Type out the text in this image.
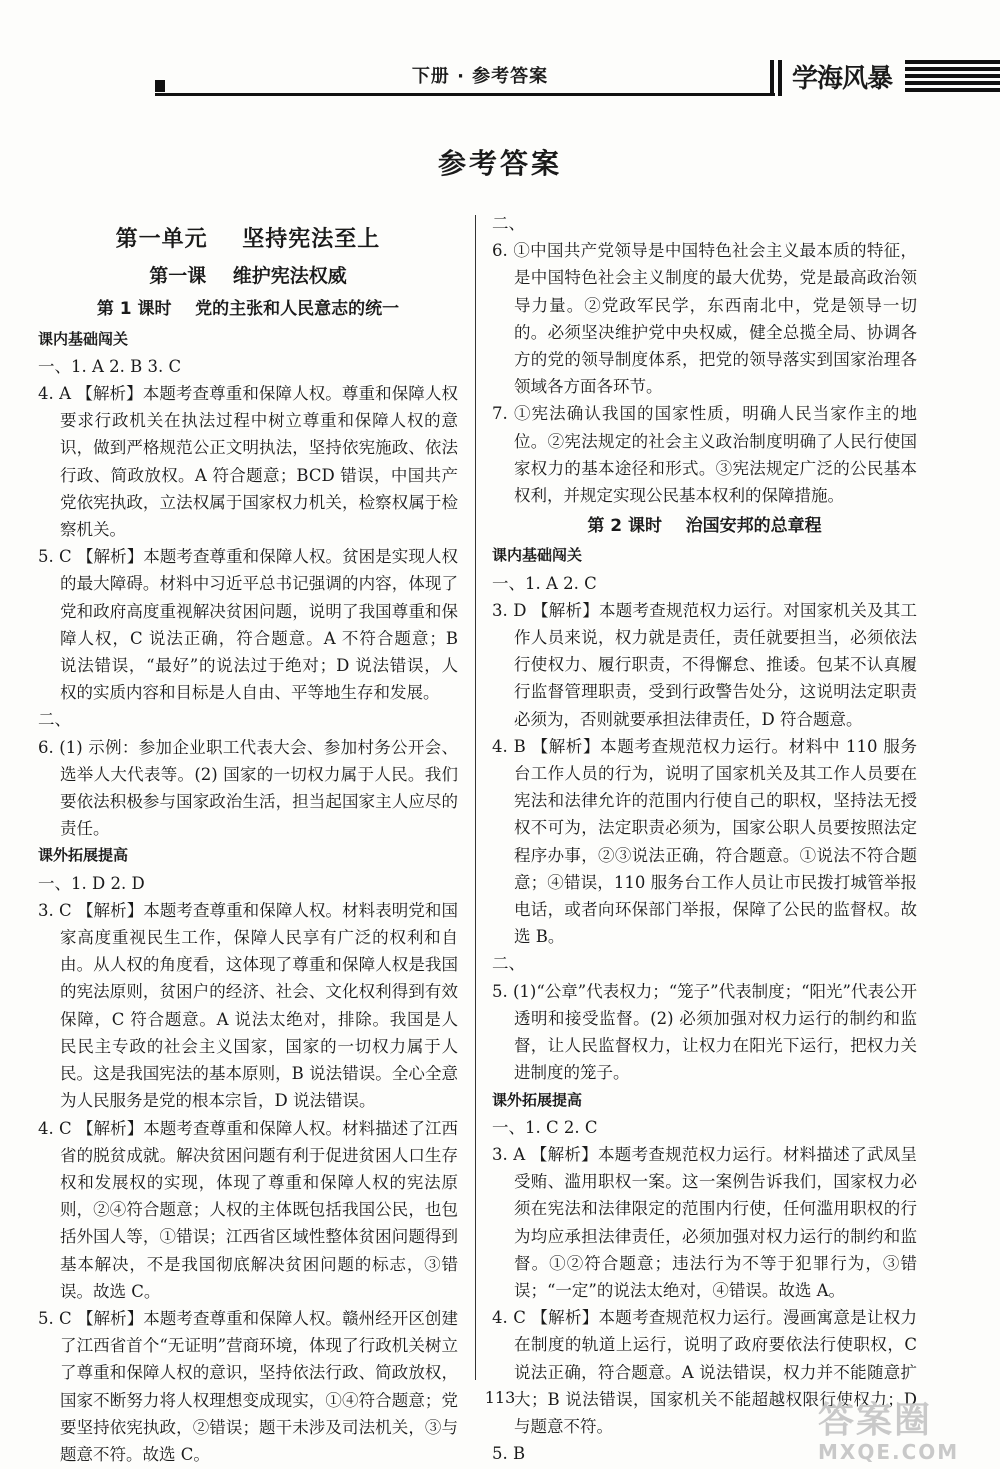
下册 · 参考答案	学海风暴
参考答案
第一单元    坚持宪法至上
第一课    维护宪法权威
第 1 课时    党的主张和人民意志的统一
课内基础闯关
一、1. A 2. B 3. C
4. A 【解析】本题考查尊重和保障人权。尊重和保障人权要求行政机关在执法过程中树立尊重和保障人权的意识，做到严格规范公正文明执法，坚持依宪施政、依法行政、简政放权。A 符合题意；BCD 错误，中国共产党依宪执政，立法权属于国家权力机关，检察权属于检察机关。
5. C 【解析】本题考查尊重和保障人权。贫困是实现人权的最大障碍。材料中习近平总书记强调的内容，体现了党和政府高度重视解决贫困问题，说明了我国尊重和保障人权，C 说法正确，符合题意。A 不符合题意；B 说法错误，“最好”的说法过于绝对；D 说法错误，人权的实质内容和目标是人自由、平等地生存和发展。
二、
6. (1) 示例：参加企业职工代表大会、参加村务公开会、选举人大代表等。(2) 国家的一切权力属于人民。我们要依法积极参与国家政治生活，担当起国家主人应尽的责任。
课外拓展提高
一、1. D 2. D
3. C 【解析】本题考查尊重和保障人权。材料表明党和国家高度重视民生工作，保障人民享有广泛的权利和自由。从人权的角度看，这体现了尊重和保障人权是我国的宪法原则，贫困户的经济、社会、文化权利得到有效保障，C 符合题意。A 说法太绝对，排除。我国是人民民主专政的社会主义国家，国家的一切权力属于人民。这是我国宪法的基本原则，B 说法错误。全心全意为人民服务是党的根本宗旨，D 说法错误。
4. C 【解析】本题考查尊重和保障人权。材料描述了江西省的脱贫成就。解决贫困问题有利于促进贫困人口生存权和发展权的实现，体现了尊重和保障人权的宪法原则，②④符合题意；人权的主体既包括我国公民，也包括外国人等，①错误；江西省区域性整体贫困问题得到基本解决，不是我国彻底解决贫困问题的标志，③错误。故选 C。
5. C 【解析】本题考查尊重和保障人权。赣州经开区创建了江西省首个“无证明”营商环境，体现了行政机关树立了尊重和保障人权的意识，坚持依法行政、简政放权，国家不断努力将人权理想变成现实，①④符合题意；党要坚持依宪执政，②错误；题干未涉及司法机关，③与题意不符。故选 C。
二、
6. ①中国共产党领导是中国特色社会主义最本质的特征，是中国特色社会主义制度的最大优势，党是最高政治领导力量。②党政军民学，东西南北中，党是领导一切的。必须坚决维护党中央权威，健全总揽全局、协调各方的党的领导制度体系，把党的领导落实到国家治理各领域各方面各环节。
7. ①宪法确认我国的国家性质，明确人民当家作主的地位。②宪法规定的社会主义政治制度明确了人民行使国家权力的基本途径和形式。③宪法规定广泛的公民基本权利，并规定实现公民基本权利的保障措施。
第 2 课时    治国安邦的总章程
课内基础闯关
一、1. A 2. C
3. D 【解析】本题考查规范权力运行。对国家机关及其工作人员来说，权力就是责任，责任就要担当，必须依法行使权力、履行职责，不得懈怠、推诿。包某不认真履行监督管理职责，受到行政警告处分，这说明法定职责必须为，否则就要承担法律责任，D 符合题意。
4. B 【解析】本题考查规范权力运行。材料中 110 服务台工作人员的行为，说明了国家机关及其工作人员要在宪法和法律允许的范围内行使自己的职权，坚持法无授权不可为，法定职责必须为，国家公职人员要按照法定程序办事，②③说法正确，符合题意。①说法不符合题意；④错误，110 服务台工作人员让市民拨打城管举报电话，或者向环保部门举报，保障了公民的监督权。故选 B。
二、
5. (1)“公章”代表权力；“笼子”代表制度；“阳光”代表公开透明和接受监督。(2) 必须加强对权力运行的制约和监督，让人民监督权力，让权力在阳光下运行，把权力关进制度的笼子。
课外拓展提高
一、1. C 2. C
3. A 【解析】本题考查规范权力运行。材料描述了武凤呈受贿、滥用职权一案。这一案例告诉我们，国家权力必须在宪法和法律限定的范围内行使，任何滥用职权的行为均应承担法律责任，必须加强对权力运行的制约和监督。①②符合题意；违法行为不等于犯罪行为，③错误；“一定”的说法太绝对，④错误。故选 A。
4. C 【解析】本题考查规范权力运行。漫画寓意是让权力在制度的轨道上运行，说明了政府要依法行使职权，C 说法正确，符合题意。A 说法错误，权力并不能随意扩大；B 说法错误，国家机关不能超越权限行使权力；D 与题意不符。
5. B
113
答案圈
MXQE.COM
